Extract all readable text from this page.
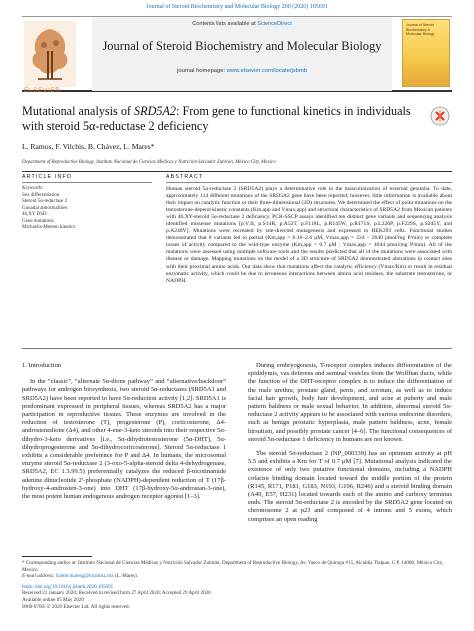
Journal of Steroid Biochemistry and Molecular Biology 200 (2020) 105691
ELSEVIER
Contents lists available at ScienceDirect
Journal of Steroid Biochemistry and Molecular Biology
journal homepage: www.elsevier.com/locate/jsbmb
Journal of Steroid Biochemistry & Molecular Biology
Mutational analysis of SRD5A2: From gene to functional kinetics in individuals with steroid 5α-reductase 2 deficiency
L. Ramos, F. Vilchis, B. Chávez, L. Mares*
Department of Reproductive Biology, Instituto Nacional de Ciencias Médicas y Nutrición Salvador Zubirán, México City, Mexico
ARTICLE INFO
Keywords:
Sex differentiation
Steroid 5α-reductase 2
Gonadal abnormalities
46,XY DSD
Gene mutations
Michaelis-Menten kinetics
ABSTRACT
Human steroid 5α-reductase 2 (SRD5A2) plays a determinative role in the masculinization of external genitalia. To date, approximately 114 different mutations of the SRD5A2 gene have been reported; however, little information is available about their impact on catalytic function or their three-dimensional (3D) structures. We determined the effect of point mutations on the testosterone-depend kinetic constants (Km,app and Vmax,app) and structural characteristics of SRD5A2 from Mexican patients with 46,XY-steroid 5α-reductase 2 deficiency. PCR-SSCP assays identified ten distinct gene variants and sequencing analysis identified missense mutations [p.V3I, p.S14R, p.A52T, p.F118L, p.R145W, p.R171S, p.L226P, p.F229S, p.S245Y, and p.A248V]. Mutations were recreated by site-directed mutagenesis and expressed in HEK293 cells. Functional studies demonstrated that 8 variants led to partial (Km,app = 0.16–2.6 μM, Vmax,app = 224 – 2640 pmol/mg P/min) or complete losses of activity compared to the wild-type enzyme (Km,app = 0.7 μM ; Vmax,app = 4044 pmol/mg P/min). All of the mutations were assessed using multiple software tools and the results predicted that all of the mutations were associated with disease or damage. Mapping mutations on the model of a 3D structure of SRD5A2 demonstrated alterations in contact sites with their proximal amino acids. Our data show that mutations affect the catalytic efficiency (Vmax/Km) or result in residual enzymatic activity, which could be due to erroneous interactions between amino acid residues, the substrate testosterone, or NADPH.
1. Introduction

In the “classic”, “alternate 5α-dione pathway” and “alternative/backdoor” pathways for androgen biosynthesis, two steroid 5α-reductases (SRD5A1 and SRD5A2) have been reported to have 5α-reduction activity [1,2]. SRD5A1 is predominant expressed in peripheral tissues, whereas SRD5A2 has a major participation in reproductive tissues. These enzymes are involved in the reduction of testosterone (T), progesterone (P), corticosterone, Δ4-androstenedione (Δ4), and other 4-ene-3-keto steroids into their respective 5α-dihydro-3-keto derivatives [i.e., 5α-dihydrotestosterone (5α-DHT), 5α-dihydroprogesterone and 5α-dihydrocorticosterone]. Steroid 5α-reductase 1 exhibits a considerable preference for P and Δ4. In humans, the microsomal enzyme steroid 5α-reductase 2 (3-oxo-5-alpha-steroid delta 4-dehydrogenase, SRD5A2, EC 1.3.99.5) preferentially catalyzes the reduced β-nicotinamide adenine dinucleotide 2′-phosphate (NADPH)-dependent reduction of T (17β-hydroxy-4-androsten-3-one) into DHT (17β-hydroxy-5α-androstan-3-one), the most potent human endogenous androgen receptor agonist [1–3].

During embryogenesis, T-receptor complex induces differentiation of the epididymis, vas deferens and seminal vesicles from the Wolffian ducts, while the function of the DHT-receptor complex is to induce the differentiation of the male urethra, prostate gland, penis, and scrotum, as well as to induce facial hair growth, body hair development, and acne at puberty and male pattern baldness or male sexual behavior. In addition, abnormal steroid 5α-reductase 2 activity appears to be associated with various endocrine disorders, such as benign prostatic hyperplasia, male pattern baldness, acne, female hirsutism, and possibly prostate cancer [4–6]. The functional consequences of steroid 5α-reductase 1 deficiency in humans are not known.

The steroid 5α-reductase 2 (NP_000339) has an optimum activity at pH 5.5 and exhibits a Km for T of 0.7 μM [7]. Mutational analysis indicated the existence of only two putative functional domains, including a NADPH cofactor binding domain located toward the middle portion of the protein (R145, R171, P181, G183, N193, G196, R246) and a steroid binding domain (A49, E57, H231) located towards each of the amino and carboxy terminus ends. The steroid 5α-reductase 2 is encoded by the SRD5A2 gene located on chromosome 2 at p23 and composed of 4 introns and 5 exons, which comprises an open reading

* Corresponding author at: Instituto Nacional de Ciencias Médicas y Nutrición Salvador Zubirán, Department of Reproductive Biology, Av. Vasco de Quiroga #15, Alcaldía Tlalpan, C.P. 14080, México City, Mexico.
E-mail address: lizette.maresg@incmnsz.mx (L. Mares).
https://doi.org/10.1016/j.jsbmb.2020.105691
Received 21 January 2020; Received in revised form 27 April 2020; Accepted 29 April 2020
Available online 05 May 2020
0960-0760/ © 2020 Elsevier Ltd. All rights reserved.
